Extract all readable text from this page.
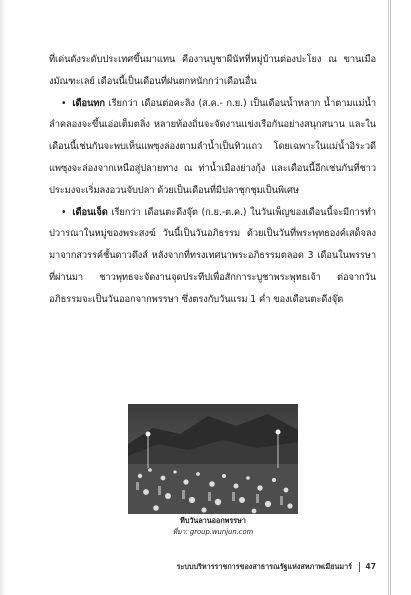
ที่เด่นดังระดับประเทศขึ้นมาแทน คืองานบูชาผีนัทที่หมู่บ้านต่องปะโยง ณ ขานเมืองมัณฑะเลย์ เดือนนี้เป็นเดือนที่ฝนตกหนักกว่าเดือนอื่น

• เดือนทก เรียกว่า เดือนต่อคะลิง (ส.ค.- ก.ย.) เป็นเดือนน้ำหลาก น้ำตามแม่น้ำลำคลองจะขึ้นเอ่อเต็มตลิ่ง หลายท้องถิ่นจะจัดงานแข่งเรือกันอย่างสนุกสนาน และในเดือนนี้เช่นกันจะพบเห็นแพซุงล่องตามลำน้ำเป็นทิวแถว โดยเฉพาะในแม่น้ำอิระวดี แพซุงจะล่องจากเหนือสู่ปลายทาง ณ ท่าน้ำเมืองย่างกุ้ง และเดือนนี้อีกเช่นกันที่ชาวประมงจะเริ่มลงอวนจับปลา ด้วยเป็นเดือนที่มีปลาชุกชุมเป็นพิเศษ

• เดือนเจ็ด เรียกว่า เดือนตะดีงจุ๊ต (ก.ย.-ต.ค.) ในวันเพ็ญของเดือนนี้จะมีการทำปวารณาในหมู่ของพระสงฆ์ วันนี้เป็นวันอภิธรรม ด้วยเป็นวันที่พระพุทธองค์เสด็จลงมาจากสวรรค์ชั้นดาวดึงส์ หลังจากที่ทรงเทศนาพระอภิธรรมตลอด 3 เดือนในพรรษาที่ผ่านมา ชาวพุทธจะจัดงานจุดประทีปเพื่อสักการะบูชาพระพุทธเจ้า ต่อจากวันอภิธรรมจะเป็นวันออกจากพรรษา ซึ่งตรงกับวันแรม 1 ค่ำ ของเดือนตะดีงจุ๊ต

ทีบวันลานออกพรรษา
ที่มา: group.wunjun.com
ระบบบริหารราชการของสาธารณรัฐแห่งสหภาพเมียนมาร์ 47
